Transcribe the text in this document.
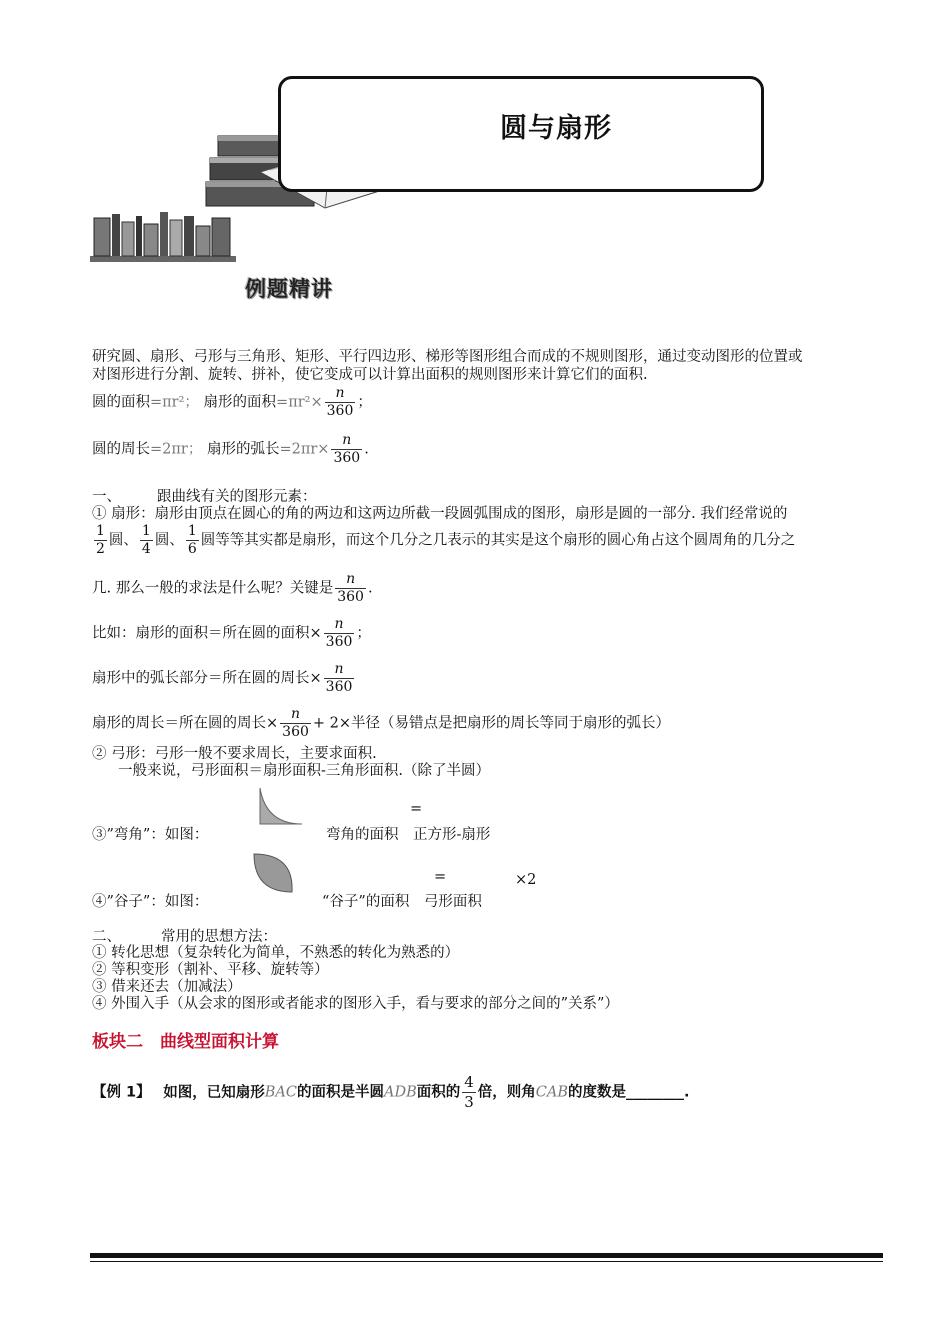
圆与扇形
例题精讲
研究圆、扇形、弓形与三角形、矩形、平行四边形、梯形等图形组合而成的不规则图形，通过变动图形的位置或
对图形进行分割、旋转、拼补，使它变成可以计算出面积的规则图形来计算它们的面积.
圆的面积=πr²； 扇形的面积$=\pi r^2\times \frac{n}{360}$ ；
圆的周长=2πr； 扇形的弧长$=2\pi r\times \frac{n}{360}$ .
一、 跟曲线有关的图形元素：
① 扇形：扇形由顶点在圆心的角的两边和这两边所截一段圆弧围成的图形，扇形是圆的一部分. 我们经常说的
$\frac{1}{2}$ 圆、 $\frac{1}{4}$ 圆、 $\frac{1}{6}$ 圆等等其实都是扇形，而这个几分之几表示的其实是这个扇形的圆心角占这个圆周角的几分之
几. 那么一般的求法是什么呢？关键是 $\frac{n}{360}$ .
比如：扇形的面积＝所在圆的面积× $\frac{n}{360}$ ；
扇形中的弧长部分＝所在圆的周长× $\frac{n}{360}$
扇形的周长＝所在圆的周长× $\frac{n}{360} + 2\times$半径（易错点是把扇形的周长等同于扇形的弧长）
② 弓形：弓形一般不要求周长，主要求面积.
一般来说，弓形面积＝扇形面积-三角形面积.（除了半圆）
=
③”弯角”：如图：	弯角的面积　正方形-扇形
=	×2
④”谷子”：如图：	“谷子”的面积　弓形面积
二、	常用的思想方法：
① 转化思想（复杂转化为简单，不熟悉的转化为熟悉的）
② 等积变形（割补、平移、旋转等）
③ 借来还去（加减法）
④ 外围入手（从会求的图形或者能求的图形入手，看与要求的部分之间的”关系”）
板块二　曲线型面积计算
【例 1】 如图，已知扇形BAC的面积是半圆ADB面积的 $\frac{4}{3}$ 倍，则角CAB的度数是________.
